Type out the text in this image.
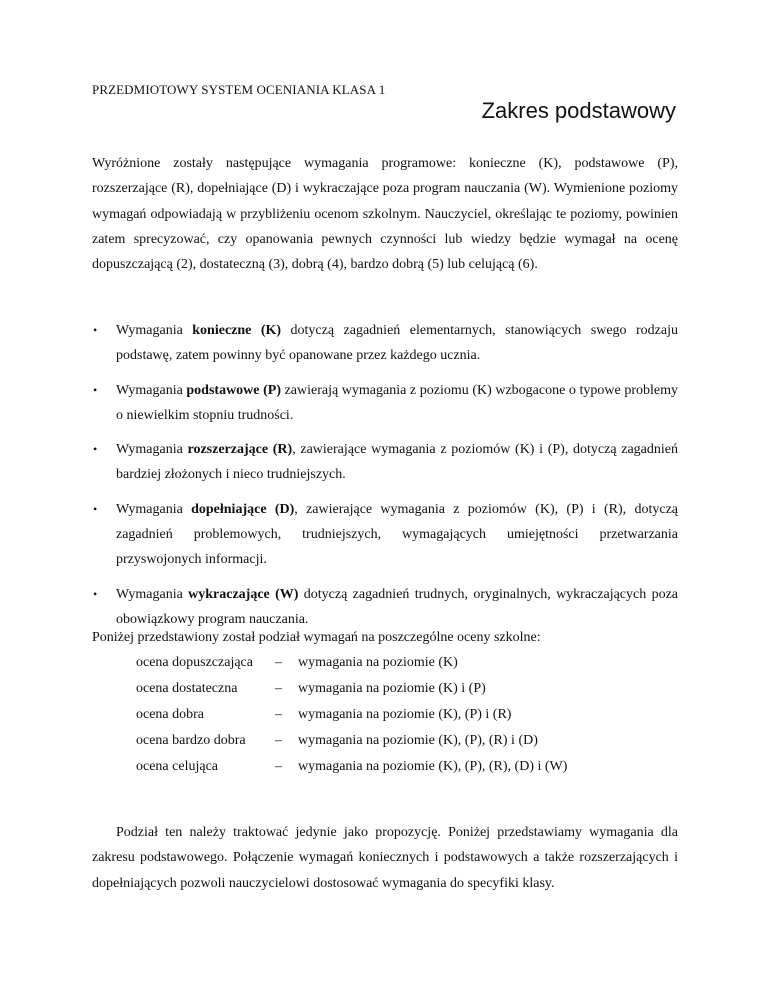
PRZEDMIOTOWY SYSTEM OCENIANIA KLASA 1
Zakres podstawowy

Wyróżnione zostały następujące wymagania programowe: konieczne (K), podstawowe (P), rozszerzające (R), dopełniające (D) i wykraczające poza program nauczania (W). Wymienione poziomy wymagań odpowiadają w przybliżeniu ocenom szkolnym. Nauczyciel, określając te poziomy, powinien zatem sprecyzować, czy opanowania pewnych czynności lub wiedzy będzie wymagał na ocenę dopuszczającą (2), dostateczną (3), dobrą (4), bardzo dobrą (5) lub celującą (6).

• Wymagania konieczne (K) dotyczą zagadnień elementarnych, stanowiących swego rodzaju podstawę, zatem powinny być opanowane przez każdego ucznia.
• Wymagania podstawowe (P) zawierają wymagania z poziomu (K) wzbogacone o typowe problemy o niewielkim stopniu trudności.
• Wymagania rozszerzające (R), zawierające wymagania z poziomów (K) i (P), dotyczą zagadnień bardziej złożonych i nieco trudniejszych.
• Wymagania dopełniające (D), zawierające wymagania z poziomów (K), (P) i (R), dotyczą zagadnień problemowych, trudniejszych, wymagających umiejętności przetwarzania przyswojonych informacji.
• Wymagania wykraczające (W) dotyczą zagadnień trudnych, oryginalnych, wykraczających poza obowiązkowy program nauczania.

Poniżej przedstawiony został podział wymagań na poszczególne oceny szkolne:

ocena dopuszczająca	–	wymagania na poziomie (K)
ocena dostateczna	–	wymagania na poziomie (K) i (P)
ocena dobra	–	wymagania na poziomie (K), (P) i (R)
ocena bardzo dobra	–	wymagania na poziomie (K), (P), (R) i (D)
ocena celująca	–	wymagania na poziomie (K), (P), (R), (D) i (W)

Podział ten należy traktować jedynie jako propozycję. Poniżej przedstawiamy wymagania dla zakresu podstawowego. Połączenie wymagań koniecznych i podstawowych a także rozszerzających i dopełniających pozwoli nauczycielowi dostosować wymagania do specyfiki klasy.
